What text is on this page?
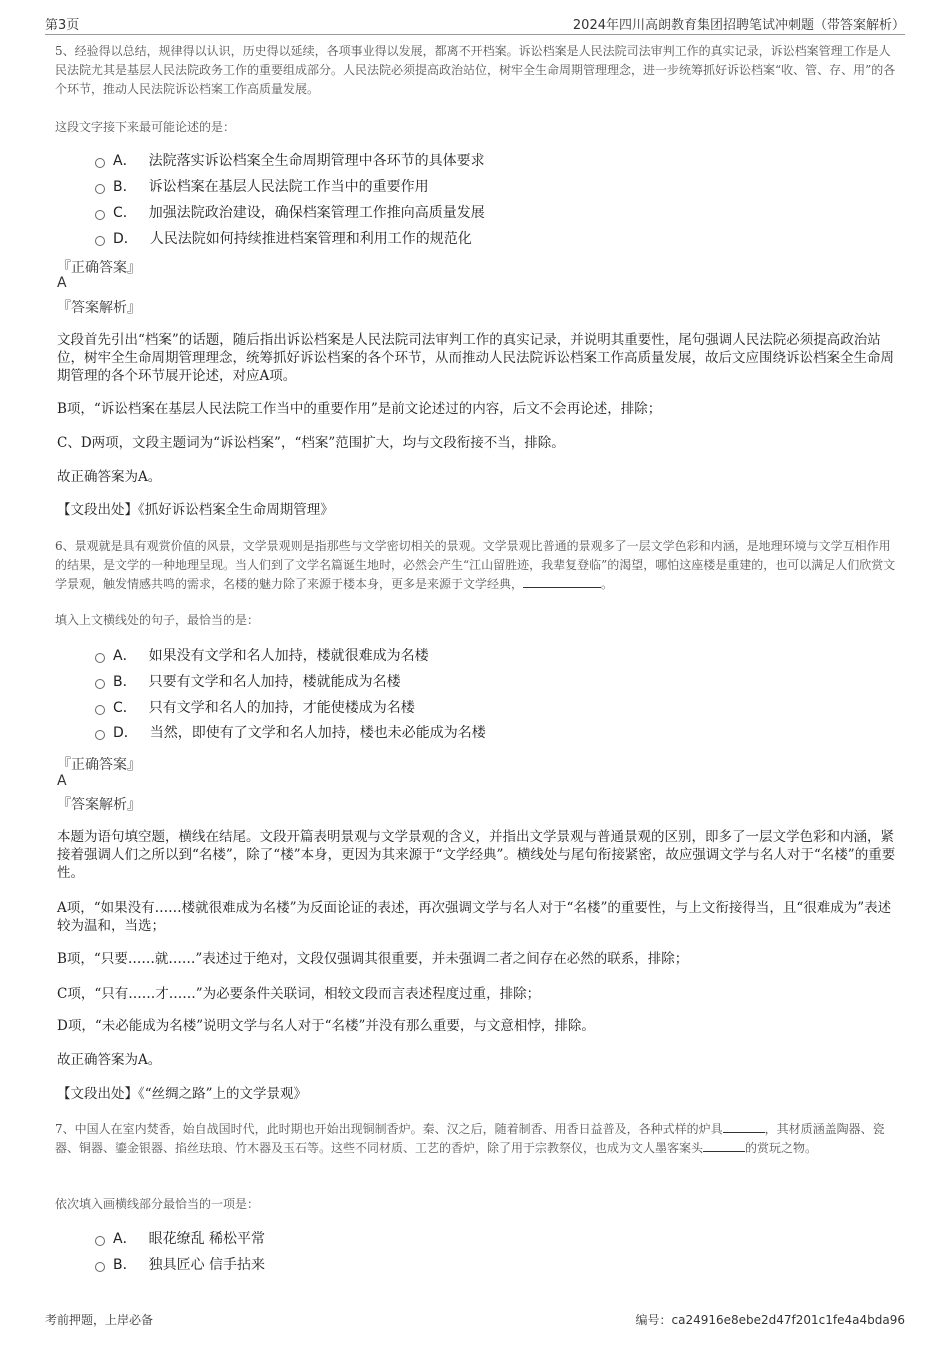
第3页	2024年四川高朗教育集团招聘笔试冲刺题（带答案解析）
5、经验得以总结，规律得以认识，历史得以延续，各项事业得以发展，都离不开档案。诉讼档案是人民法院司法审判工作的真实记录，诉讼档案管理工作是人民法院尤其是基层人民法院政务工作的重要组成部分。人民法院必须提高政治站位，树牢全生命周期管理理念，进一步统筹抓好诉讼档案“收、管、存、用”的各个环节，推动人民法院诉讼档案工作高质量发展。
这段文字接下来最可能论述的是：
A． 法院落实诉讼档案全生命周期管理中各环节的具体要求
B． 诉讼档案在基层人民法院工作当中的重要作用
C． 加强法院政治建设，确保档案管理工作推向高质量发展
D． 人民法院如何持续推进档案管理和利用工作的规范化
『正确答案』
A
『答案解析』
文段首先引出“档案”的话题，随后指出诉讼档案是人民法院司法审判工作的真实记录，并说明其重要性，尾句强调人民法院必须提高政治站位，树牢全生命周期管理理念，统筹抓好诉讼档案的各个环节，从而推动人民法院诉讼档案工作高质量发展，故后文应围绕诉讼档案全生命周期管理的各个环节展开论述，对应A项。
B项，“诉讼档案在基层人民法院工作当中的重要作用”是前文论述过的内容，后文不会再论述，排除；
C、D两项，文段主题词为“诉讼档案”，“档案”范围扩大，均与文段衔接不当，排除。
故正确答案为A。
【文段出处】《抓好诉讼档案全生命周期管理》
6、景观就是具有观赏价值的风景，文学景观则是指那些与文学密切相关的景观。文学景观比普通的景观多了一层文学色彩和内涵，是地理环境与文学互相作用的结果，是文学的一种地理呈现。当人们到了文学名篇诞生地时，必然会产生“江山留胜迹，我辈复登临”的渴望，哪怕这座楼是重建的，也可以满足人们欣赏文学景观，触发情感共鸣的需求，名楼的魅力除了来源于楼本身，更多是来源于文学经典，	。
填入上文横线处的句子，最恰当的是：
A． 如果没有文学和名人加持，楼就很难成为名楼
B． 只要有文学和名人加持，楼就能成为名楼
C． 只有文学和名人的加持，才能使楼成为名楼
D． 当然，即使有了文学和名人加持，楼也未必能成为名楼
『正确答案』
A
『答案解析』
本题为语句填空题，横线在结尾。文段开篇表明景观与文学景观的含义，并指出文学景观与普通景观的区别，即多了一层文学色彩和内涵，紧接着强调人们之所以到“名楼”，除了“楼”本身，更因为其来源于“文学经典”。横线处与尾句衔接紧密，故应强调文学与名人对于“名楼”的重要性。
A项，“如果没有……楼就很难成为名楼”为反面论证的表述，再次强调文学与名人对于“名楼”的重要性，与上文衔接得当，且“很难成为”表述较为温和，当选；
B项，“只要……就……”表述过于绝对，文段仅强调其很重要，并未强调二者之间存在必然的联系，排除；
C项，“只有……才……”为必要条件关联词，相较文段而言表述程度过重，排除；
D项，“未必能成为名楼”说明文学与名人对于“名楼”并没有那么重要，与文意相悖，排除。
故正确答案为A。
【文段出处】《“丝绸之路”上的文学景观》
7、中国人在室内焚香，始自战国时代，此时期也开始出现铜制香炉。秦、汉之后，随着制香、用香日益普及，各种式样的炉具	，其材质涵盖陶器、瓷器、铜器、鎏金银器、掐丝珐琅、竹木器及玉石等。这些不同材质、工艺的香炉，除了用于宗教祭仪，也成为文人墨客案头	的赏玩之物。
依次填入画横线部分最恰当的一项是：
A． 眼花缭乱 稀松平常
B． 独具匠心 信手拈来
考前押题，上岸必备	编号：ca24916e8ebe2d47f201c1fe4a4bda96
